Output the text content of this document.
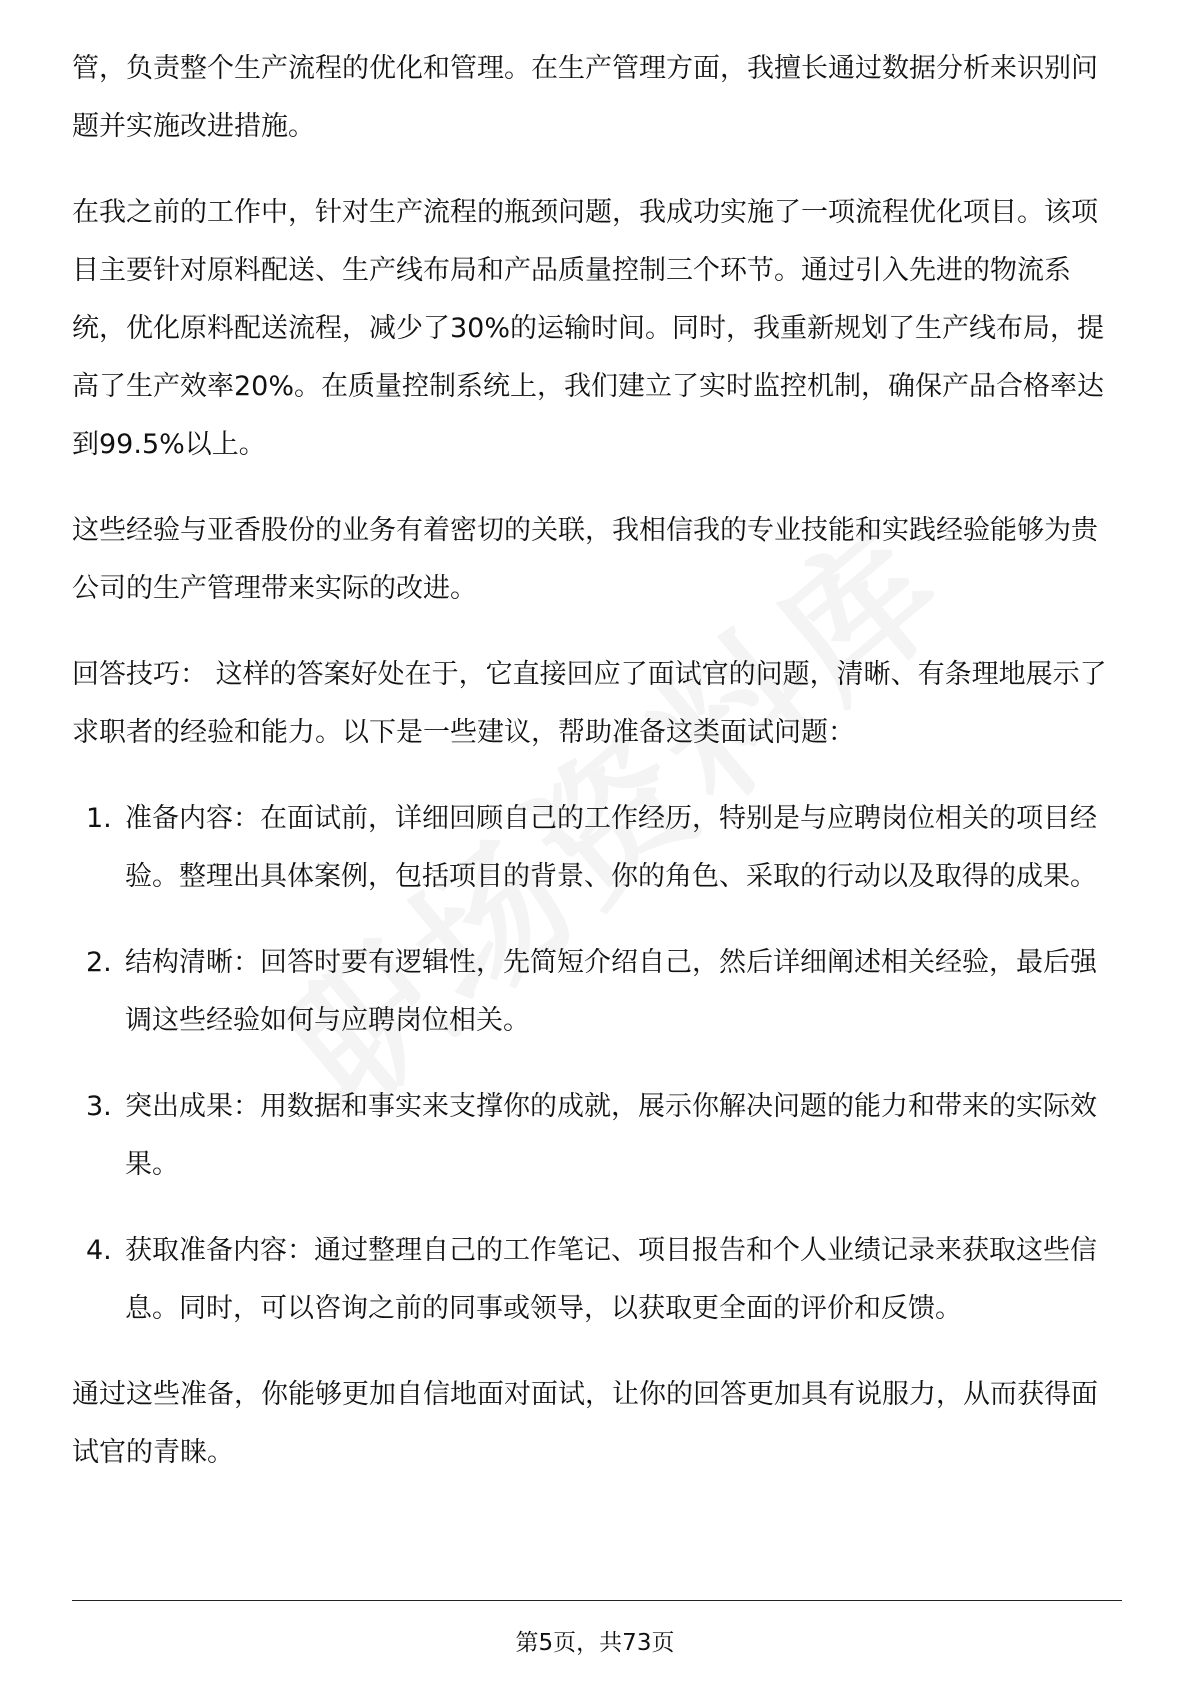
管，负责整个生产流程的优化和管理。在生产管理方面，我擅长通过数据分析来识别问题并实施改进措施。

在我之前的工作中，针对生产流程的瓶颈问题，我成功实施了一项流程优化项目。该项目主要针对原料配送、生产线布局和产品质量控制三个环节。通过引入先进的物流系统，优化原料配送流程，减少了30%的运输时间。同时，我重新规划了生产线布局，提高了生产效率20%。在质量控制系统上，我们建立了实时监控机制，确保产品合格率达到99.5%以上。

这些经验与亚香股份的业务有着密切的关联，我相信我的专业技能和实践经验能够为贵公司的生产管理带来实际的改进。

回答技巧： 这样的答案好处在于，它直接回应了面试官的问题，清晰、有条理地展示了求职者的经验和能力。以下是一些建议，帮助准备这类面试问题：

1. 准备内容：在面试前，详细回顾自己的工作经历，特别是与应聘岗位相关的项目经验。整理出具体案例，包括项目的背景、你的角色、采取的行动以及取得的成果。
2. 结构清晰：回答时要有逻辑性，先简短介绍自己，然后详细阐述相关经验，最后强调这些经验如何与应聘岗位相关。
3. 突出成果：用数据和事实来支撑你的成就，展示你解决问题的能力和带来的实际效果。
4. 获取准备内容：通过整理自己的工作笔记、项目报告和个人业绩记录来获取这些信息。同时，可以咨询之前的同事或领导，以获取更全面的评价和反馈。

通过这些准备，你能够更加自信地面对面试，让你的回答更加具有说服力，从而获得面试官的青睐。

第5页，共73页
